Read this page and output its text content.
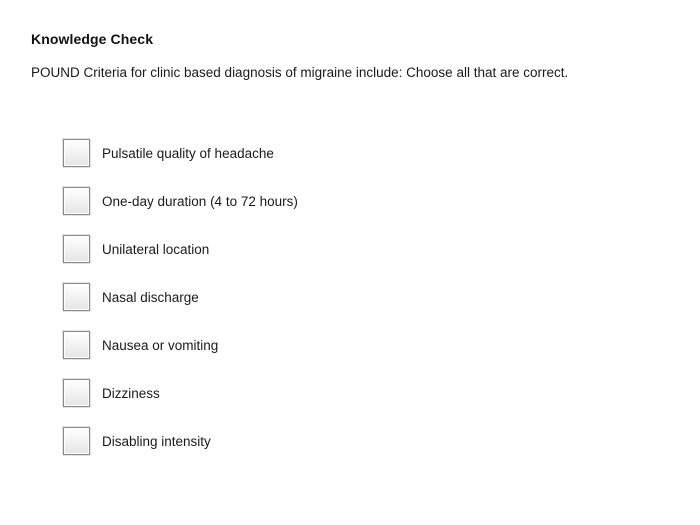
Knowledge Check
POUND Criteria for clinic based diagnosis of migraine include: Choose all that are correct.
Pulsatile quality of headache
One-day duration (4 to 72 hours)
Unilateral location
Nasal discharge
Nausea or vomiting
Dizziness
Disabling intensity
